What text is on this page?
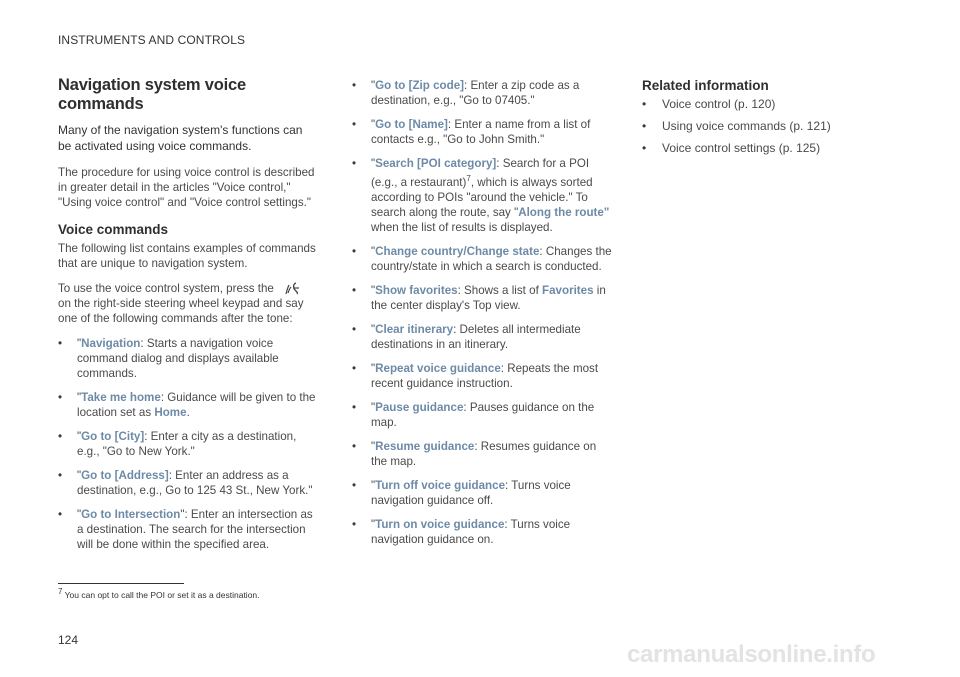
INSTRUMENTS AND CONTROLS
Navigation system voice commands

Many of the navigation system's functions can be activated using voice commands.

The procedure for using voice control is described in greater detail in the articles "Voice control," "Using voice control" and "Voice control settings."

Voice commands

The following list contains examples of commands that are unique to navigation system.

To use the voice control system, press the  on the right-side steering wheel keypad and say one of the following commands after the tone:

• "Navigation: Starts a navigation voice command dialog and displays available commands.
• "Take me home: Guidance will be given to the location set as Home.
• "Go to [City]: Enter a city as a destination, e.g., "Go to New York."
• "Go to [Address]: Enter an address as a destination, e.g., Go to 125 43 St., New York."
• "Go to Intersection": Enter an intersection as a destination. The search for the intersection will be done within the specified area.
• "Go to [Zip code]: Enter a zip code as a destination, e.g., "Go to 07405."
• "Go to [Name]: Enter a name from a list of contacts e.g., "Go to John Smith."
• "Search [POI category]: Search for a POI (e.g., a restaurant)$^7$, which is always sorted according to POIs "around the vehicle." To search along the route, say "Along the route" when the list of results is displayed.
• "Change country/Change state: Changes the country/state in which a search is conducted.
• "Show favorites: Shows a list of Favorites in the center display's Top view.
• "Clear itinerary: Deletes all intermediate destinations in an itinerary.
• "Repeat voice guidance: Repeats the most recent guidance instruction.
• "Pause guidance: Pauses guidance on the map.
• "Resume guidance: Resumes guidance on the map.
• "Turn off voice guidance: Turns voice navigation guidance off.
• "Turn on voice guidance: Turns voice navigation guidance on.
Related information
• Voice control (p. 120)
• Using voice commands (p. 121)
• Voice control settings (p. 125)
$^7$ You can opt to call the POI or set it as a destination.
124
carmanualsonline.info
